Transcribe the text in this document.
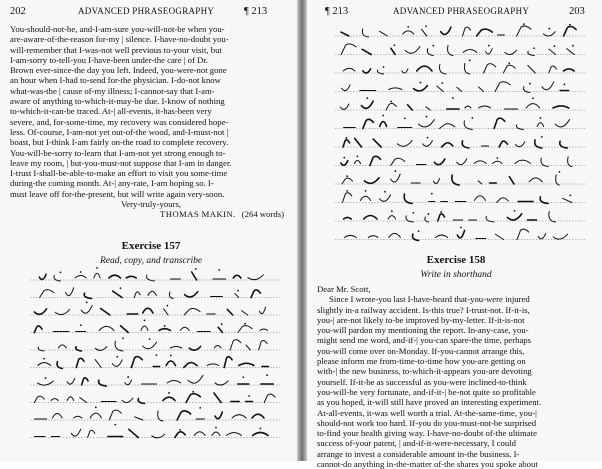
202	ADVANCED PHRASEOGRAPHY	¶ 213
You-should-not-be, and-I-am-sure you-will-not-be when you-
are-aware-of-the-reason for-my | silence. I-have-no-doubt you-
will-remember that I-was-not well previous to-your visit, but
I-am-sorry to-tell-you I-have-been under-the care | of Dr.
Brown ever-since-the day you left. Indeed, you-were-not gone
an hour when I-had to-send for-the physician. I-do-not know
what-was-the | cause of-my illness; I-cannot-say that I-am-
aware of anything to-which-it-may-be due. I-know of nothing
to-which-it-can-be traced. At-| all-events, it-has-been very
severe, and, for-some-time, my recovery was considered hope-
less. Of-course, I-am-not yet out-of-the wood, and-I-must-not |
boast, but I-think I-am fairly on-the road to complete recovery.
You-will-be-sorry to-learn that I-am-not yet strong enough to-
leave my room, | but-you-must-not suppose that I-am in danger.
I-trust I-shall-be-able-to-make an effort to visit you some-time
during-the coming month. At-| any-rate, I-am hoping so. I-
must leave off for-the-present, but will write again very-soon.
Very-truly-yours,
THOMAS MAKIN. (264 words)
Exercise 157
Read, copy, and transcribe
¶ 213	ADVANCED PHRASEOGRAPHY	203
Exercise 158
Write in shorthand
Dear Mr. Scott,
Since I wrote-you last I-have-heard that-you-were injured
slightly in-a railway accident. Is-this true? I-trust-not. If-it-is,
you-| are-not likely to-be improved by-my-letter. If-it-is-not
you-will pardon my mentioning the report. In-any-case, you-
might send me word, and-if-| you-can spare-the time, perhaps
you-will come over on-Monday. If-you-cannot arrange this,
please inform me from-time-to-time how you-are getting on
with-| the new business, to-which-it-appears you-are devoting
yourself. If-it-be as successful as you-were inclined-to-think
you-will-be very fortunate, and-if-it-| be-not quite so profitable
as you hoped, it-will still have proved an interesting experiment.
At-all-events, it-was well worth a trial. At-the-same-time, you-|
should-not work too hard. If-you do you-must-not-be surprised
to-find your health giving way. I-have-no-doubt of-the ultimate
success of-your patent, | and-if-it-were-necessary, I could
arrange to invest a considerable amount in-the business. I-
cannot-do anything in-the-matter of-the shares you spoke about
